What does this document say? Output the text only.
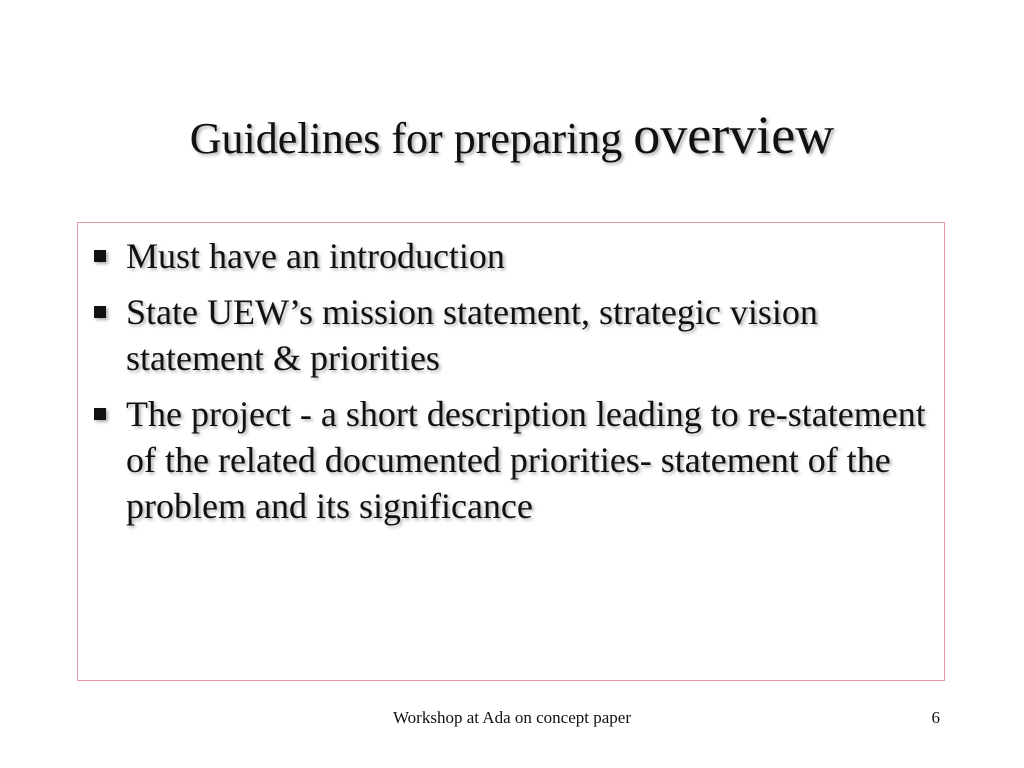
Guidelines for preparing overview
Must have an introduction
State UEW’s mission statement, strategic vision statement & priorities
The project - a short description leading to re-statement of the related documented priorities- statement of the problem and its significance
Workshop at Ada on concept paper	6
